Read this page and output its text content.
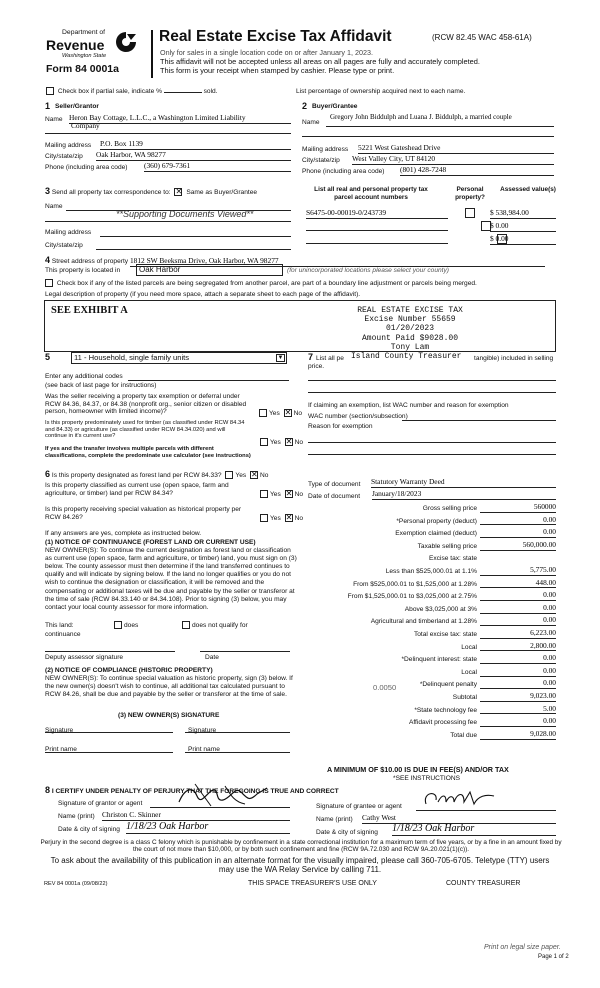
Department of
Revenue
Washington State
Form 84 0001a
Real Estate Excise Tax Affidavit	(RCW 82.45 WAC 458-61A)
Only for sales in a single location code on or after January 1, 2023.
This affidavit will not be accepted unless all areas on all pages are fully and accurately completed.
This form is your receipt when stamped by cashier. Please type or print.
Check box if partial sale, indicate %	sold.	List percentage of ownership acquired next to each name.
1 Seller/Grantor
Name Heron Bay Cottage, L.L.C., a Washington Limited Liability
Company
Mailing address P.O. Box 1139
City/state/zip Oak Harbor, WA 98277
Phone (including area code) (360) 679-7361
2 Buyer/Grantee
Name
Gregory John Biddulph and Luana J. Biddulph, a married couple
Mailing address 5221 West Gateshead Drive
City/state/zip West Valley City, UT 84120
Phone (including area code) (801) 428-7248
3 Send all property tax correspondence to: ✕ Same as Buyer/Grantee
Name
**Supporting Documents Viewed**
Mailing address
City/state/zip
List all real and personal property tax parcel account numbers
Personal property?
Assessed value(s)
S6475-00-00019-0/243739
	$ 538,984.00
$ 0.00
$ 0.00
4 Street address of property 1812 SW Beeksma Drive, Oak Harbor, WA 98277
This property is located in	Oak Harbor	(for unincorporated locations please select your county)
Check box if any of the listed parcels are being segregated from another parcel, are part of a boundary line adjustment or parcels being merged.
Legal description of property (if you need more space, attach a separate sheet to each page of the affidavit).
SEE EXHIBIT A	REAL ESTATE EXCISE TAX
Excise Number 55659
01/20/2023
Amount Paid $9028.00
Tony Lam
5	11 - Household, single family units	▼	7 List all pe Island County Treasurer tangible) included in selling
price.
Enter any additional codes
(see back of last page for instructions)
Was the seller receiving a property tax exemption or deferral under RCW 84.36, 84.37, or 84.38 (nonprofit org., senior citizen or disabled person, homeowner with limited income)?	Yes ✕ No
Is this property predominately used for timber (as classified under RCW 84.34 and 84.33) or agriculture (as classified under RCW 84.34.020) and will continue in it's current use?
If yes and the transfer involves multiple parcels with different classifications, complete the predominate use calculator (see instructions)
Yes ✕ No
If claiming an exemption, list WAC number and reason for exemption
WAC number (section/subsection)
Reason for exemption
6 Is this property designated as forest land per RCW 84.33? Yes ✕ No
Is this property classified as current use (open space, farm and agriculture, or timber) land per RCW 84.34?	Yes ✕ No
Is this property receiving special valuation as historical property per RCW 84.26?	Yes ✕ No
If any answers are yes, complete as instructed below.
(1) NOTICE OF CONTINUANCE (FOREST LAND OR CURRENT USE)
NEW OWNER(S): To continue the current designation as forest land or classification as current use (open space, farm and agriculture, or timber) land, you must sign on (3) below. The county assessor must then determine if the land transferred continues to qualify and will indicate by signing below. If the land no longer qualifies or you do not wish to continue the designation or classification, it will be removed and the compensating or additional taxes will be due and payable by the seller or transferor at the time of sale (RCW 84.33.140 or 84.34.108). Prior to signing (3) below, you may contact your local county assessor for more information.
This land:	does	does not qualify for
continuance
Deputy assessor signature	Date
(2) NOTICE OF COMPLIANCE (HISTORIC PROPERTY)
NEW OWNER(S): To continue special valuation as historic property, sign (3) below. If the new owner(s) doesn't wish to continue, all additional tax calculated pursuant to RCW 84.26, shall be due and payable by the seller or transferor at the time of sale.
(3) NEW OWNER(S) SIGNATURE
Signature	Signature
Print name	Print name
Type of document Statutory Warranty Deed
Date of document January/18/2023
Gross selling price	560000
*Personal property (deduct)	0.00
Exemption claimed (deduct)	0.00
Taxable selling price	560,000.00
Excise tax: state
Less than $525,000.01 at 1.1%	5,775.00
From $525,000.01 to $1,525,000 at 1.28%	448.00
From $1,525,000.01 to $3,025,000 at 2.75%	0.00
Above $3,025,000 at 3%	0.00
Agricultural and timberland at 1.28%	0.00
Total excise tax: state	6,223.00
Local	2,800.00
*Delinquent interest: state	0.00
Local	0.00
*Delinquent penalty	0.00
Subtotal	9,023.00
*State technology fee	5.00
Affidavit processing fee	0.00
Total due	9,028.00
0.0050
A MINIMUM OF $10.00 IS DUE IN FEE(S) AND/OR TAX
*SEE INSTRUCTIONS
8 I CERTIFY UNDER PENALTY OF PERJURY THAT THE FOREGOING IS TRUE AND CORRECT
Signature of grantor or agent
Name (print) Christon C. Skinner
Date & city of signing 1/18/23 Oak Harbor
Signature of grantee or agent
Name (print) Cathy West
Date & city of signing 1/18/23 Oak Harbor
Perjury in the second degree is a class C felony which is punishable by confinement in a state correctional institution for a maximum term of five years, or by a fine in an amount fixed by the court of not more than $10,000, or by both such confinement and fine (RCW 9A.72.030 and RCW 9A.20.021(1)(c)).
To ask about the availability of this publication in an alternate format for the visually impaired, please call 360-705-6705. Teletype (TTY) users may use the WA Relay Service by calling 711.
REV 84 0001a (09/08/22)	THIS SPACE TREASURER'S USE ONLY	COUNTY TREASURER
Print on legal size paper.
Page 1 of 2
